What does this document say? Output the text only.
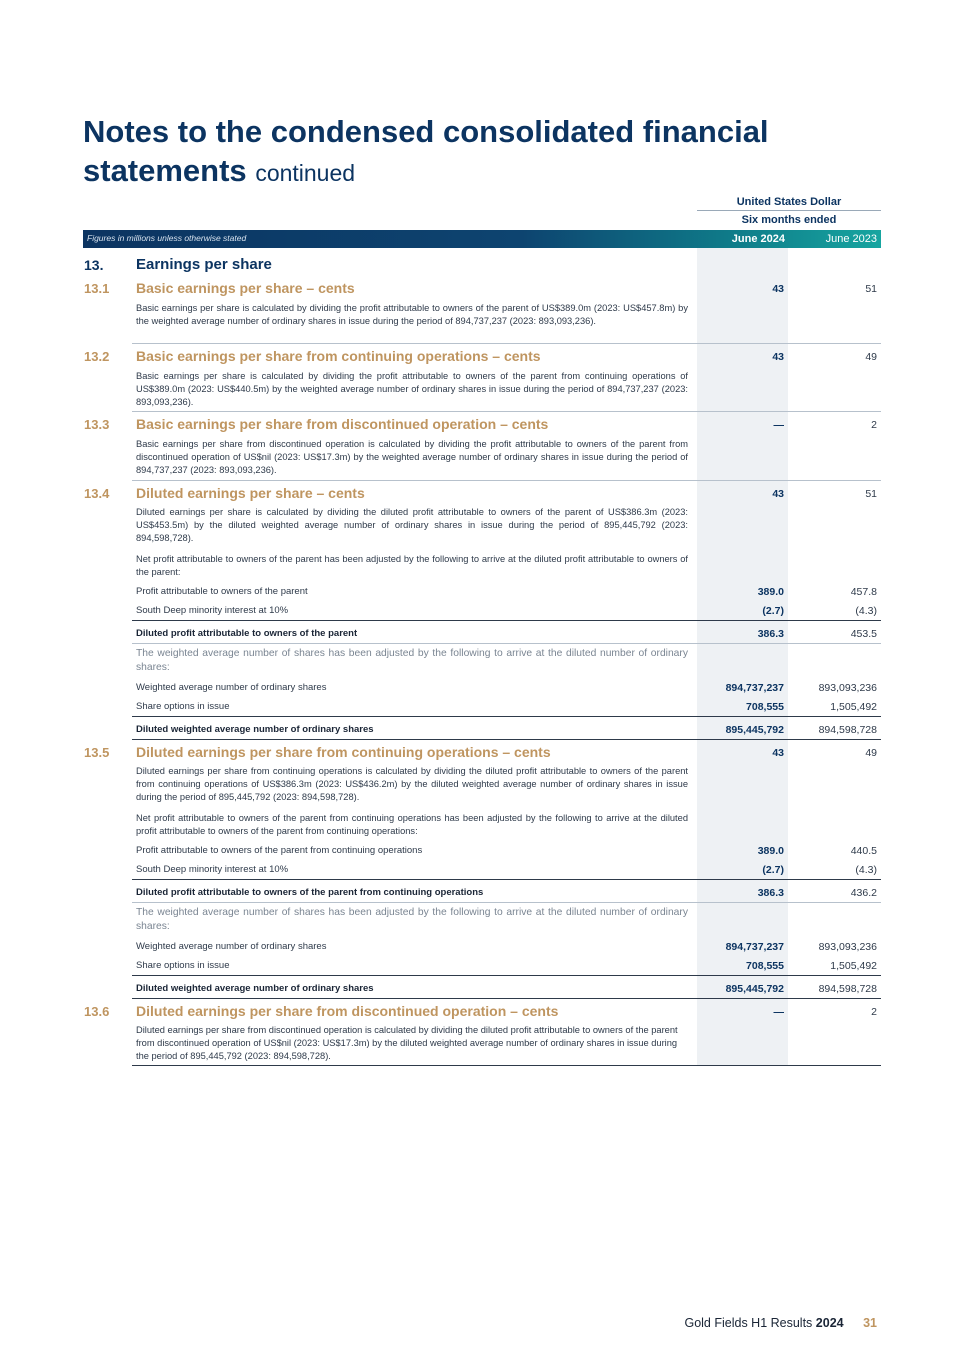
Notes to the condensed consolidated financial statements continued
United States Dollar
Six months ended
Figures in millions unless otherwise stated	June 2024	June 2023
13. Earnings per share
13.1 Basic earnings per share – cents	43	51
Basic earnings per share is calculated by dividing the profit attributable to owners of the parent of US$389.0m (2023: US$457.8m) by the weighted average number of ordinary shares in issue during the period of 894,737,237 (2023: 893,093,236).
13.2 Basic earnings per share from continuing operations – cents	43	49
Basic earnings per share is calculated by dividing the profit attributable to owners of the parent from continuing operations of US$389.0m (2023: US$440.5m) by the weighted average number of ordinary shares in issue during the period of 894,737,237 (2023: 893,093,236).
13.3 Basic earnings per share from discontinued operation – cents	—	2
Basic earnings per share from discontinued operation is calculated by dividing the profit attributable to owners of the parent from discontinued operation of US$nil (2023: US$17.3m) by the weighted average number of ordinary shares in issue during the period of 894,737,237 (2023: 893,093,236).
13.4 Diluted earnings per share – cents	43	51
Diluted earnings per share is calculated by dividing the diluted profit attributable to owners of the parent of US$386.3m (2023: US$453.5m) by the diluted weighted average number of ordinary shares in issue during the period of 895,445,792 (2023: 894,598,728).
Net profit attributable to owners of the parent has been adjusted by the following to arrive at the diluted profit attributable to owners of the parent:
Profit attributable to owners of the parent	389.0	457.8
South Deep minority interest at 10%	(2.7)	(4.3)
Diluted profit attributable to owners of the parent	386.3	453.5
The weighted average number of shares has been adjusted by the following to arrive at the diluted number of ordinary shares:
Weighted average number of ordinary shares	894,737,237	893,093,236
Share options in issue	708,555	1,505,492
Diluted weighted average number of ordinary shares	895,445,792	894,598,728
13.5 Diluted earnings per share from continuing operations – cents	43	49
Diluted earnings per share from continuing operations is calculated by dividing the diluted profit attributable to owners of the parent from continuing operations of US$386.3m (2023: US$436.2m) by the diluted weighted average number of ordinary shares in issue during the period of 895,445,792 (2023: 894,598,728).
Net profit attributable to owners of the parent from continuing operations has been adjusted by the following to arrive at the diluted profit attributable to owners of the parent from continuing operations:
Profit attributable to owners of the parent from continuing operations	389.0	440.5
South Deep minority interest at 10%	(2.7)	(4.3)
Diluted profit attributable to owners of the parent from continuing operations	386.3	436.2
The weighted average number of shares has been adjusted by the following to arrive at the diluted number of ordinary shares:
Weighted average number of ordinary shares	894,737,237	893,093,236
Share options in issue	708,555	1,505,492
Diluted weighted average number of ordinary shares	895,445,792	894,598,728
13.6 Diluted earnings per share from discontinued operation – cents	—	2
Diluted earnings per share from discontinued operation is calculated by dividing the diluted profit attributable to owners of the parent from discontinued operation of US$nil (2023: US$17.3m) by the diluted weighted average number of ordinary shares in issue during the period of 895,445,792 (2023: 894,598,728).
Gold Fields H1 Results 2024 31
